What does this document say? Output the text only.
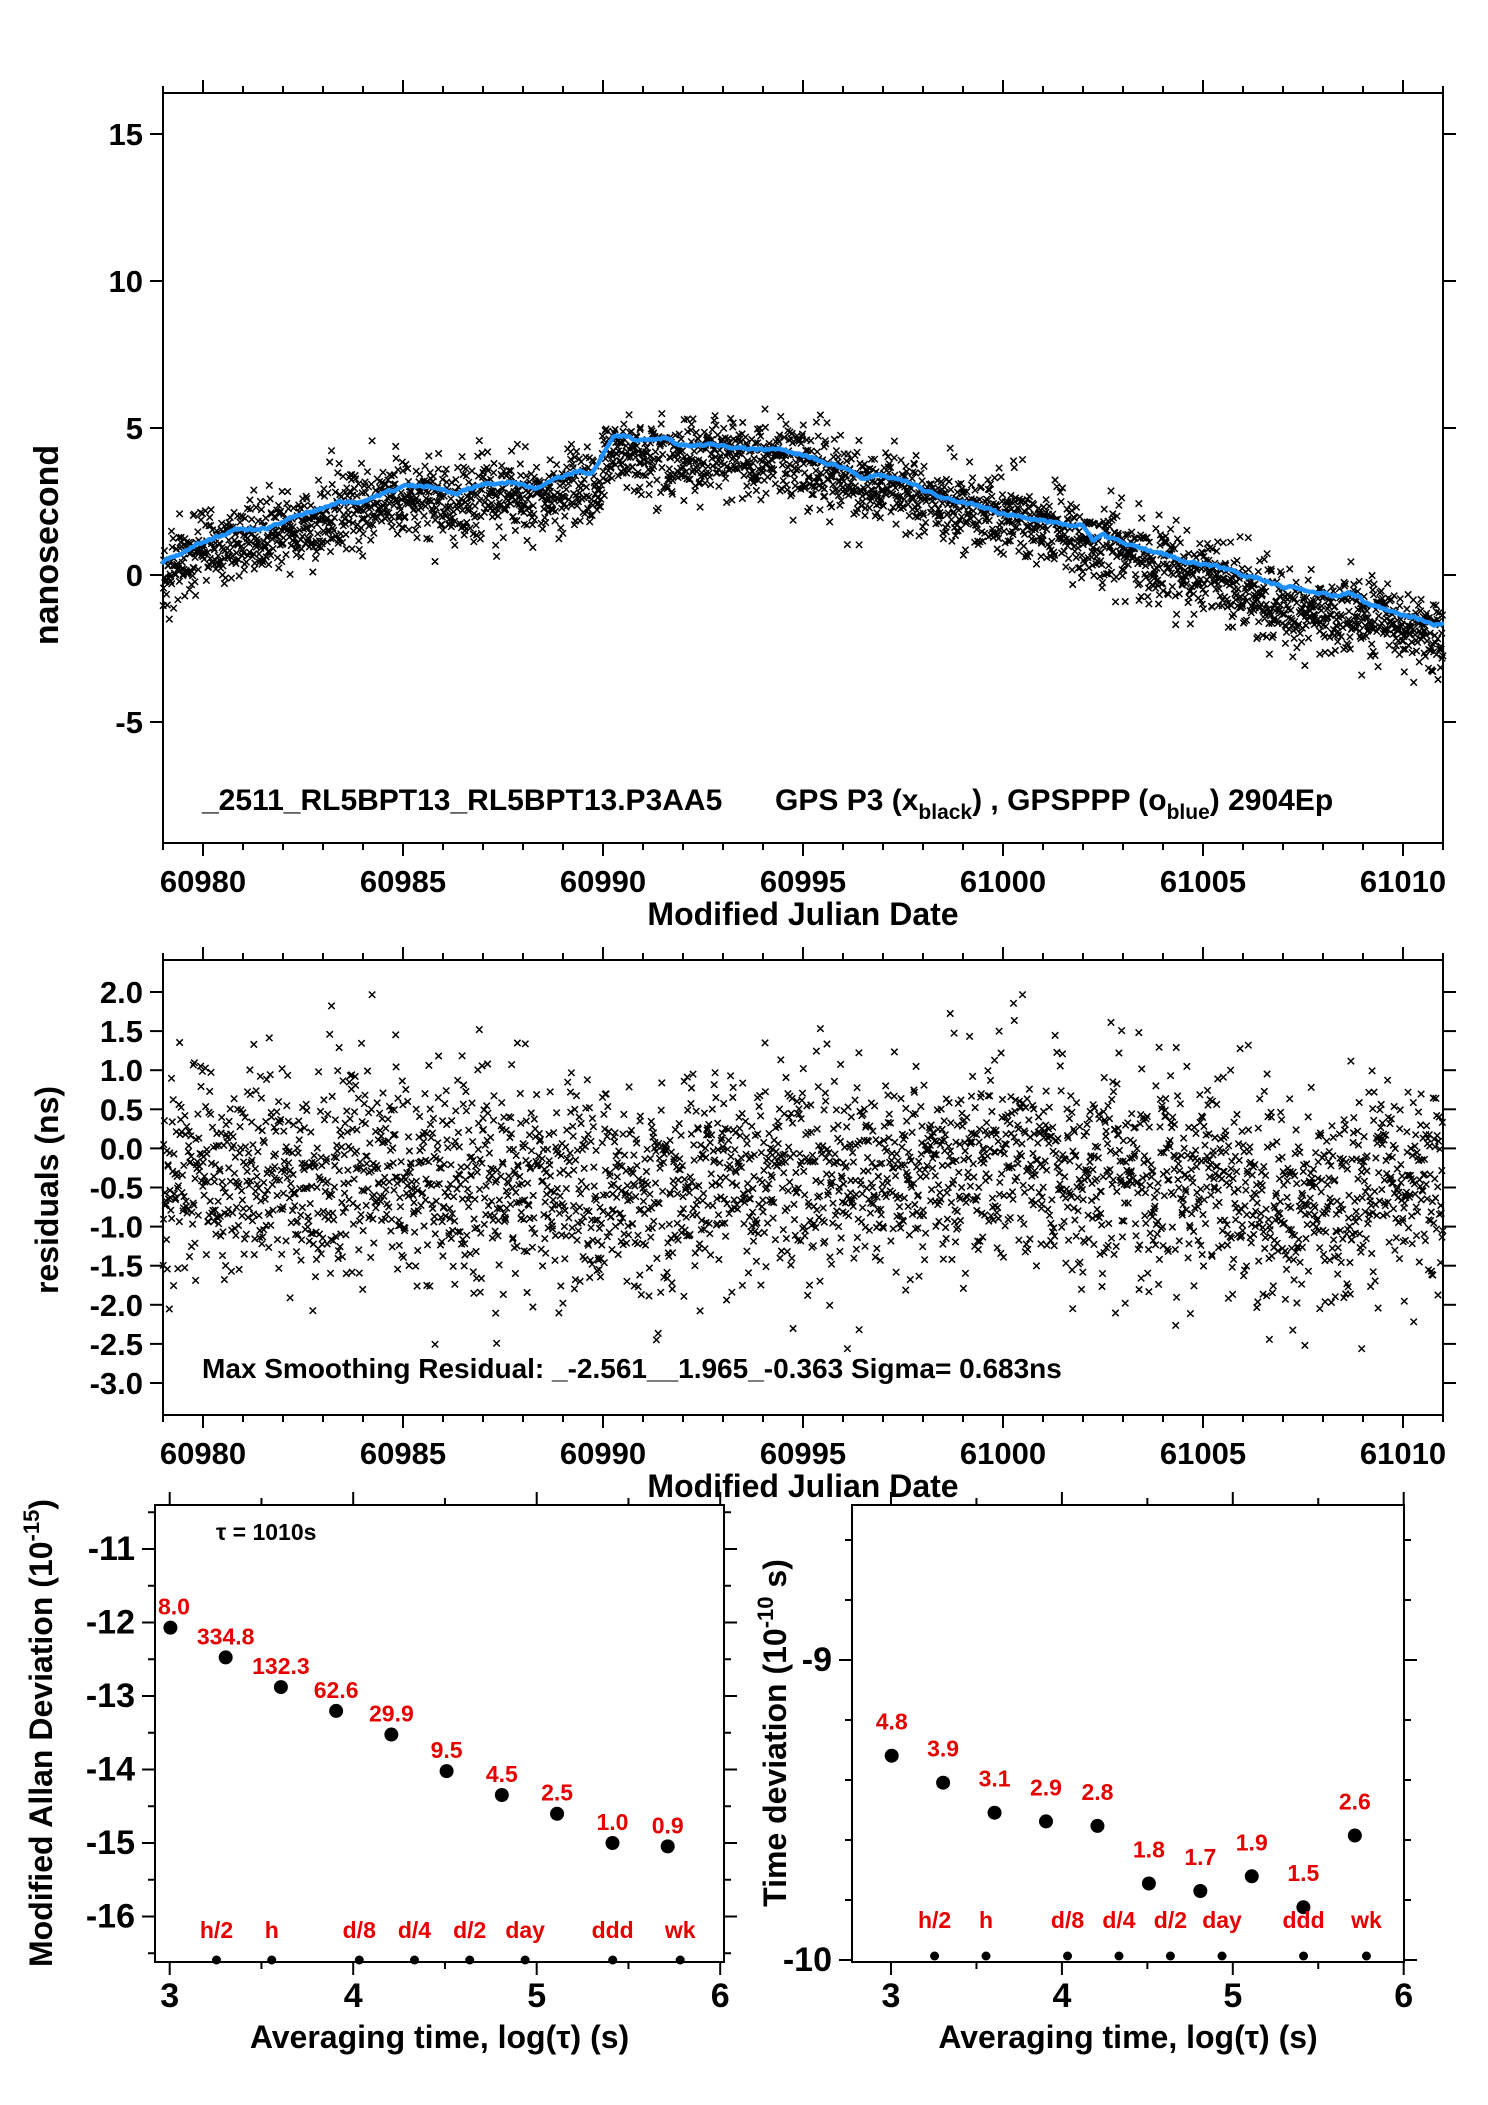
60980	60985	60990	60995	61000	61005	61010
-5
0
5
10
15
Modified Julian Date
60980	60985	60990	60995	61000	61005	61010
2.0
1.5
1.0
0.5
0.0
-0.5
-1.0
-1.5
-2.0
-2.5
-3.0
Modified Julian Date
nanosecond
residuals (ns)
_2511_RL5BPT13_RL5BPT13.P3AA5 GPS P3 $(x_{black})$ , GPSPPP $(o_{blue})$ 2904Ep
Max Smoothing Residual: _-2.561__1.965_-0.363 Sigma= 0.683ns
3	4	5	6
-11
-12
-13
-14
-15
-16
Averaging time, log(τ) (s)
8.0
334.8
132.3
62.6
29.9
9.5
4.5
2.5
1.0 0.9
h/2 h	d/8 d/4 d/2 day ddd wk
Modified Allan Deviation $(10^{-15})$
3	4	5	6
-9
-10
Averaging time, log(τ) (s)
4.8
3.9
3.1 2.9 2.8
1.8 1.7
1.9
1.5
2.6
h/2 h	d/8 d/4 d/2 day ddd wk
Time deviation ($10^{-10}$ s)
τ = 1010s
